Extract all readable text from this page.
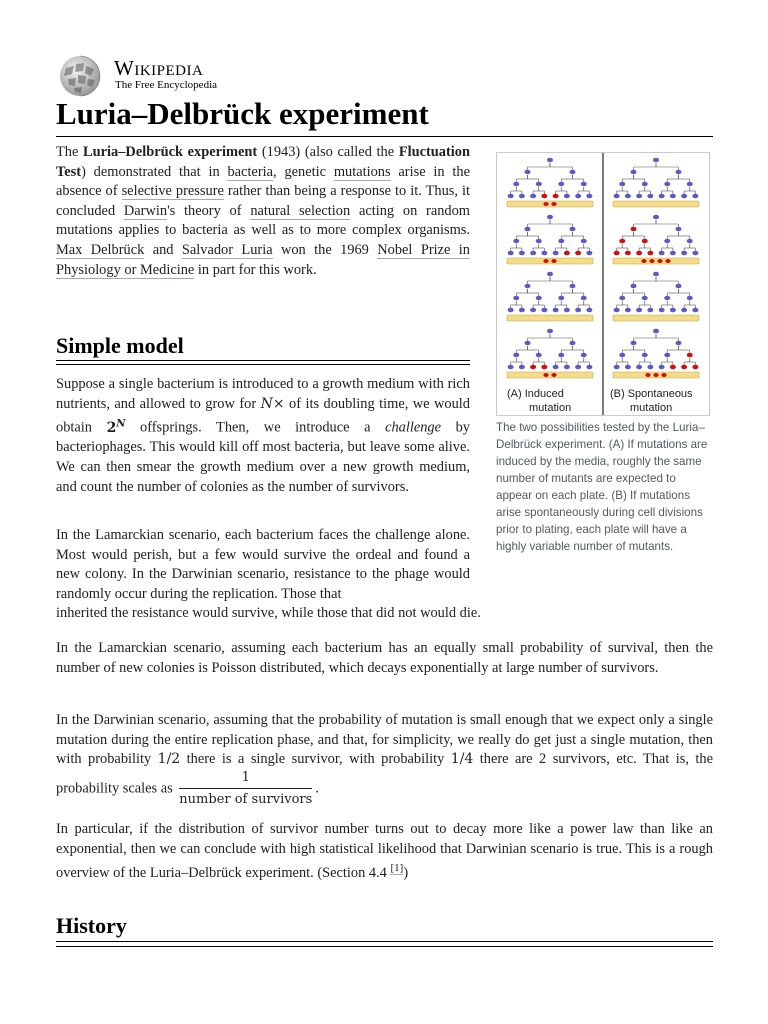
Wikipedia
The Free Encyclopedia
Luria–Delbrück experiment

The Luria–Delbrück experiment (1943) (also called the Fluctuation Test) demonstrated that in bacteria, genetic mutations arise in the absence of selective pressure rather than being a response to it. Thus, it concluded Darwin's theory of natural selection acting on random mutations applies to bacteria as well as to more complex organisms. Max Delbrück and Salvador Luria won the 1969 Nobel Prize in Physiology or Medicine in part for this work.

Simple model

Suppose a single bacterium is introduced to a growth medium with rich nutrients, and allowed to grow for N× of its doubling time, we would obtain $2^N$ offsprings. Then, we introduce a challenge by bacteriophages. This would kill off most bacteria, but leave some alive. We can then smear the growth medium over a new growth medium, and count the number of colonies as the number of survivors.

In the Lamarckian scenario, each bacterium faces the challenge alone. Most would perish, but a few would survive the ordeal and found a new colony. In the Darwinian scenario, resistance to the phage would randomly occur during the replication. Those that
inherited the resistance would survive, while those that did not would die.

In the Lamarckian scenario, assuming each bacterium has an equally small probability of survival, then the number of new colonies is Poisson distributed, which decays exponentially at large number of survivors.

In the Darwinian scenario, assuming that the probability of mutation is small enough that we expect only a single mutation during the entire replication phase, and that, for simplicity, we really do get just a single mutation, then with probability 1/2 there is a single survivor, with probability 1/4 there are 2 survivors, etc. That is, the probability scales as $\frac{1}{\text{number of survivors}}$ .

In particular, if the distribution of survivor number turns out to decay more like a power law than like an exponential, then we can conclude with high statistical likelihood that Darwinian scenario is true. This is a rough overview of the Luria–Delbrück experiment. (Section 4.4 [1])

History
(A) Induced
mutation
(B) Spontaneous
mutation
The two possibilities tested by the Luria–Delbrück experiment. (A) If mutations are induced by the media, roughly the same number of mutants are expected to appear on each plate. (B) If mutations arise spontaneously during cell divisions prior to plating, each plate will have a highly variable number of mutants.
